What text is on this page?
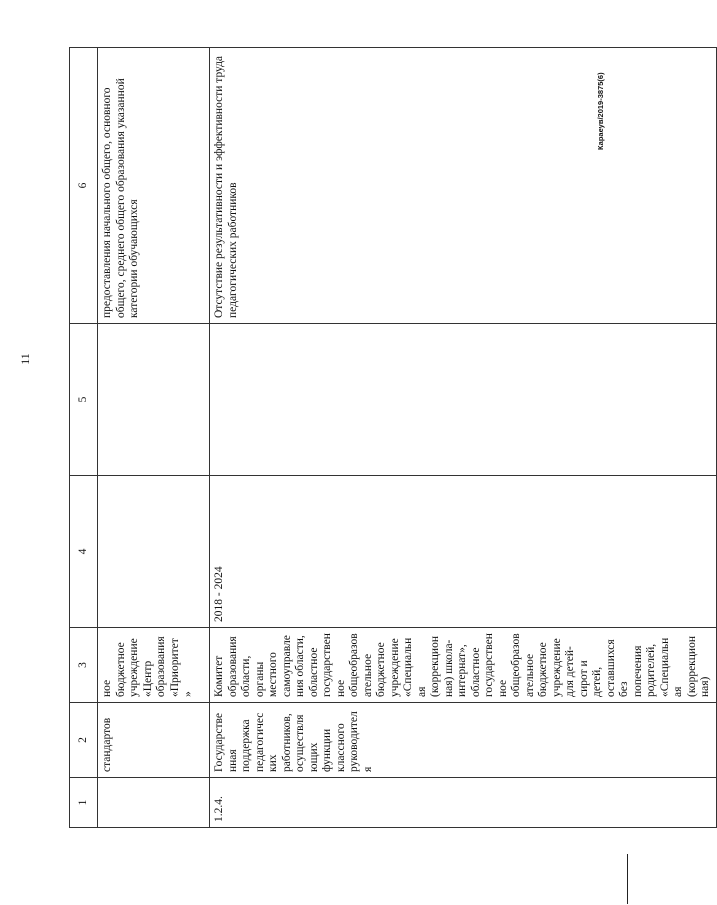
11
Караеув/2019-3875(6)
1	2	3	4	5	6
	стандартов	ное бюджетное учреждение «Центр образования «Приоритет»			предоставления начального общего, основного общего, среднего общего образования указанной категории обучающихся
1.2.4.	Государственная поддержка педагогических работников, осуществляющих функции классного руководителя	Комитет образования области, органы местного самоуправления области, областное государственное общеобразовательное бюджетное учреждение «Специальная (коррекционная) школа-интернат», областное государственное общеобразовательное бюджетное учреждение для детей-сирот и детей, оставшихся без попечения родителей, «Специальная (коррекционная)	2018 - 2024		Отсутствие результативности и эффективности труда педагогических работников
